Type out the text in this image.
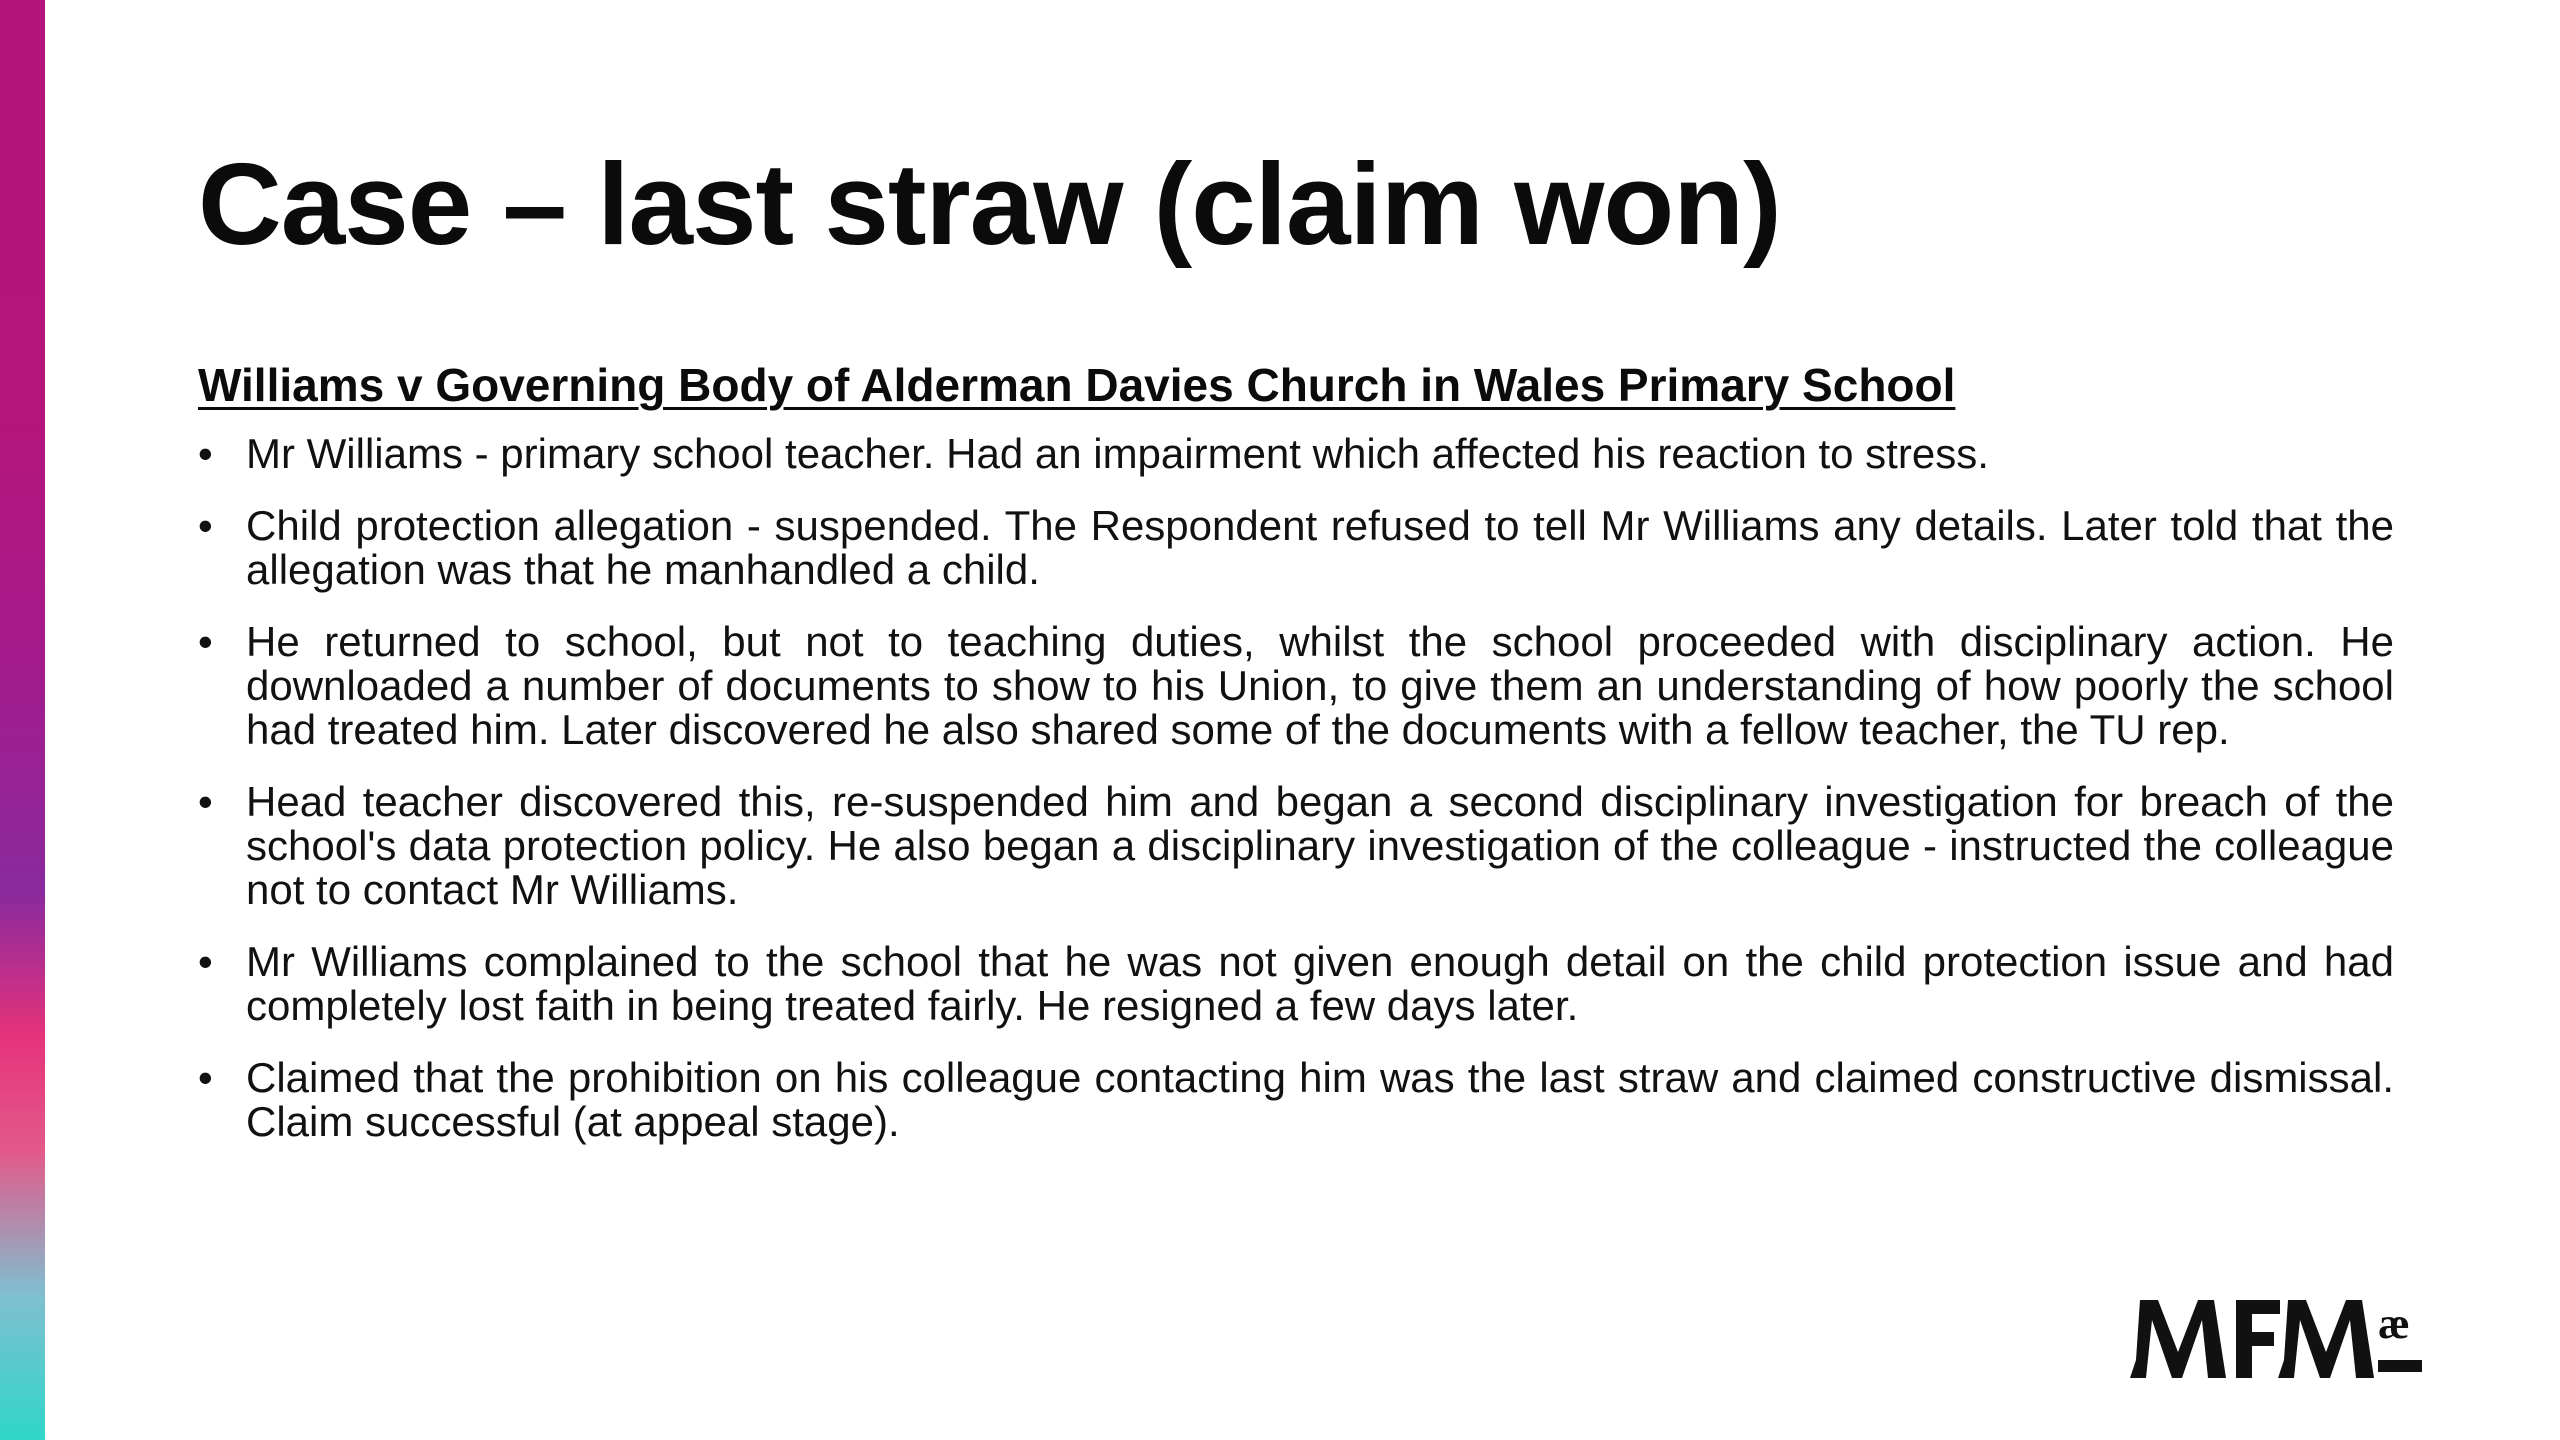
Case – last straw (claim won)
Williams v Governing Body of Alderman Davies Church in Wales Primary School
• Mr Williams - primary school teacher. Had an impairment which affected his reaction to stress.
• Child protection allegation - suspended. The Respondent refused to tell Mr Williams any details. Later told that the allegation was that he manhandled a child.
• He returned to school, but not to teaching duties, whilst the school proceeded with disciplinary action. He downloaded a number of documents to show to his Union, to give them an understanding of how poorly the school had treated him. Later discovered he also shared some of the documents with a fellow teacher, the TU rep.
• Head teacher discovered this, re-suspended him and began a second disciplinary investigation for breach of the school's data protection policy. He also began a disciplinary investigation of the colleague - instructed the colleague not to contact Mr Williams.
• Mr Williams complained to the school that he was not given enough detail on the child protection issue and had completely lost faith in being treated fairly. He resigned a few days later.
• Claimed that the prohibition on his colleague contacting him was the last straw and claimed constructive dismissal. Claim successful (at appeal stage).
æ
